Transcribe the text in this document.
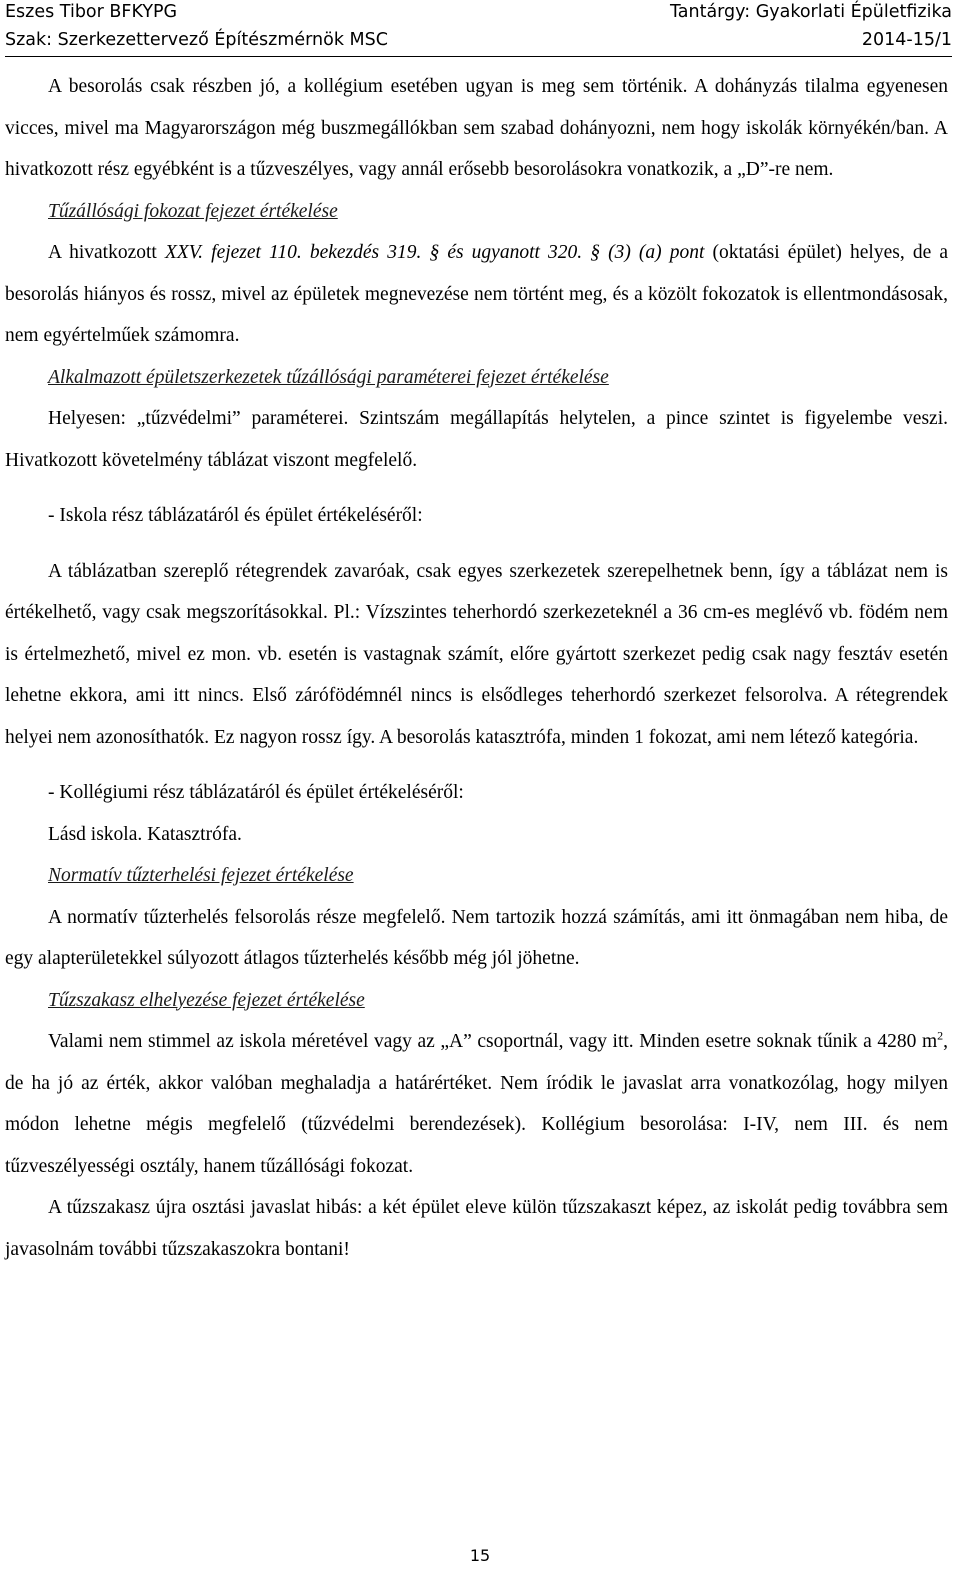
Eszes Tibor BFKYPG	Tantárgy: Gyakorlati Épületfizika
Szak: Szerkezettervező Építészmérnök MSC	2014-15/1

A besorolás csak részben jó, a kollégium esetében ugyan is meg sem történik. A dohányzás tilalma egyenesen vicces, mivel ma Magyarországon még buszmegállókban sem szabad dohányozni, nem hogy iskolák környékén/ban. A hivatkozott rész egyébként is a tűzveszélyes, vagy annál erősebb besorolásokra vonatkozik, a „D”-re nem.

Tűzállósági fokozat fejezet értékelése

A hivatkozott XXV. fejezet 110. bekezdés 319. § és ugyanott 320. § (3) (a) pont (oktatási épület) helyes, de a besorolás hiányos és rossz, mivel az épületek megnevezése nem történt meg, és a közölt fokozatok is ellentmondásosak, nem egyértelműek számomra.

Alkalmazott épületszerkezetek tűzállósági paraméterei fejezet értékelése

Helyesen: „tűzvédelmi” paraméterei. Szintszám megállapítás helytelen, a pince szintet is figyelembe veszi. Hivatkozott követelmény táblázat viszont megfelelő.

- Iskola rész táblázatáról és épület értékeléséről:

A táblázatban szereplő rétegrendek zavaróak, csak egyes szerkezetek szerepelhetnek benn, így a táblázat nem is értékelhető, vagy csak megszorításokkal. Pl.: Vízszintes teherhordó szerkezeteknél a 36 cm-es meglévő vb. födém nem is értelmezhető, mivel ez mon. vb. esetén is vastagnak számít, előre gyártott szerkezet pedig csak nagy fesztáv esetén lehetne ekkora, ami itt nincs. Első zárófödémnél nincs is elsődleges teherhordó szerkezet felsorolva. A rétegrendek helyei nem azonosíthatók. Ez nagyon rossz így. A besorolás katasztrófa, minden 1 fokozat, ami nem létező kategória.

- Kollégiumi rész táblázatáról és épület értékeléséről:

Lásd iskola. Katasztrófa.

Normatív tűzterhelési fejezet értékelése

A normatív tűzterhelés felsorolás része megfelelő. Nem tartozik hozzá számítás, ami itt önmagában nem hiba, de egy alapterületekkel súlyozott átlagos tűzterhelés később még jól jöhetne.

Tűzszakasz elhelyezése fejezet értékelése

Valami nem stimmel az iskola méretével vagy az „A” csoportnál, vagy itt. Minden esetre soknak tűnik a 4280 $m^2$, de ha jó az érték, akkor valóban meghaladja a határértéket. Nem íródik le javaslat arra vonatkozólag, hogy milyen módon lehetne mégis megfelelő (tűzvédelmi berendezések). Kollégium besorolása: I-IV, nem III. és nem tűzveszélyességi osztály, hanem tűzállósági fokozat.

A tűzszakasz újra osztási javaslat hibás: a két épület eleve külön tűzszakaszt képez, az iskolát pedig továbbra sem javasolnám további tűzszakaszokra bontani!

15
